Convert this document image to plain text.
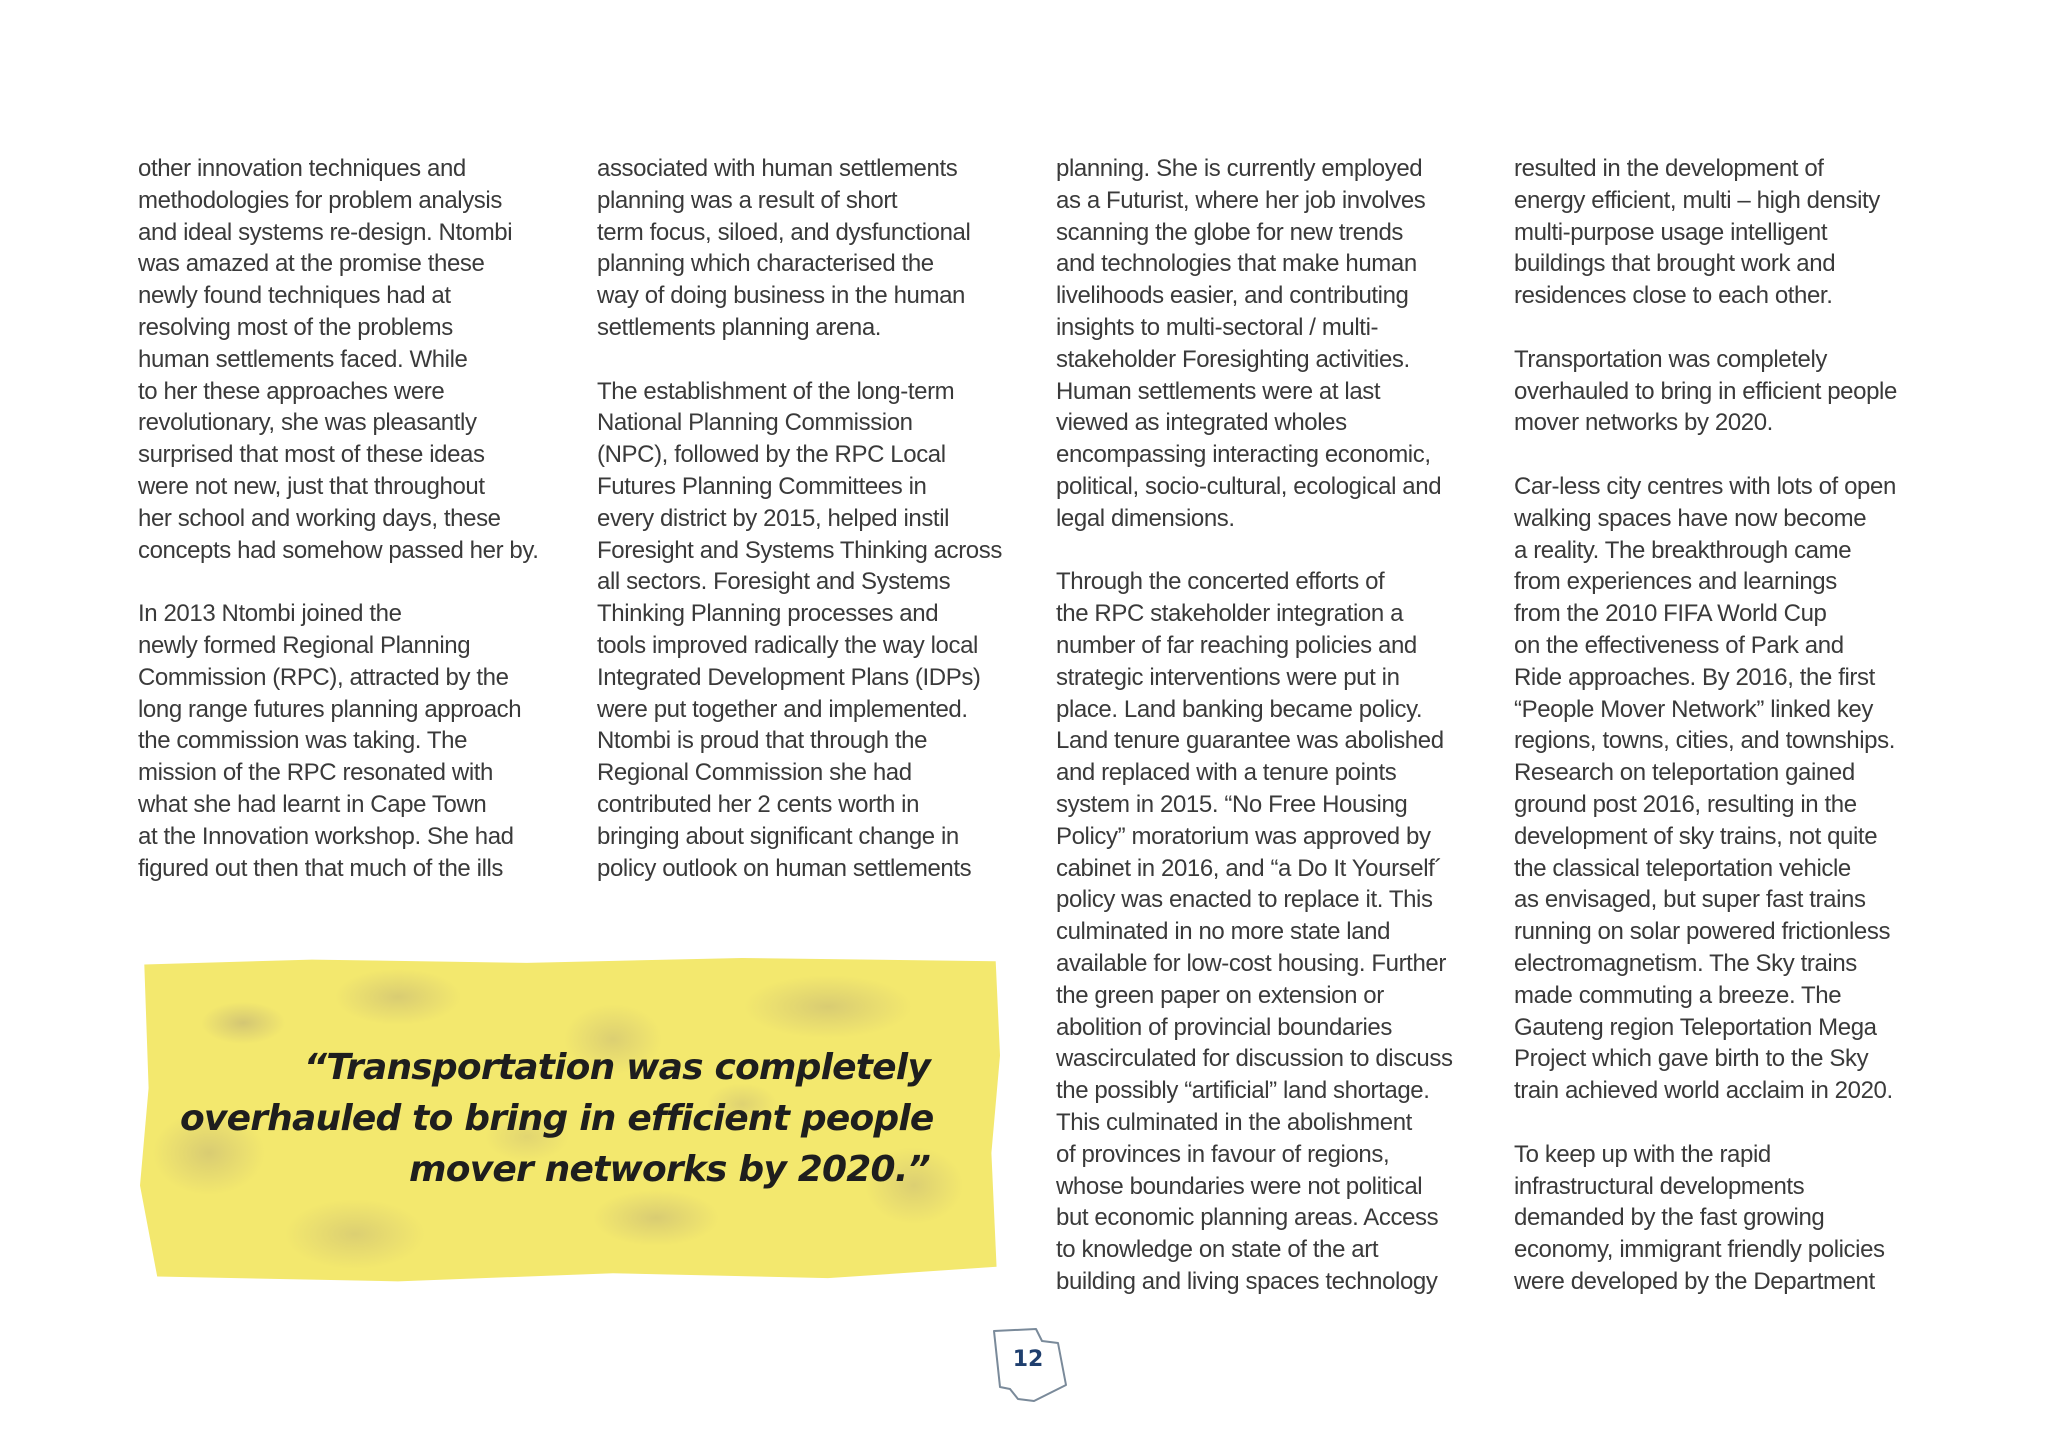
other innovation techniques and
methodologies for problem analysis
and ideal systems re-design. Ntombi
was amazed at the promise these
newly found techniques had at
resolving most of the problems
human settlements faced. While
to her these approaches were
revolutionary, she was pleasantly
surprised that most of these ideas
were not new, just that throughout
her school and working days, these
concepts had somehow passed her by.
In 2013 Ntombi joined the
newly formed Regional Planning
Commission (RPC), attracted by the
long range futures planning approach
the commission was taking. The
mission of the RPC resonated with
what she had learnt in Cape Town
at the Innovation workshop. She had
figured out then that much of the ills
associated with human settlements
planning was a result of short
term focus, siloed, and dysfunctional
planning which characterised the
way of doing business in the human
settlements planning arena.
The establishment of the long-term
National Planning Commission
(NPC), followed by the RPC Local
Futures Planning Committees in
every district by 2015, helped instil
Foresight and Systems Thinking across
all sectors. Foresight and Systems
Thinking Planning processes and
tools improved radically the way local
Integrated Development Plans (IDPs)
were put together and implemented.
Ntombi is proud that through the
Regional Commission she had
contributed her 2 cents worth in
bringing about significant change in
policy outlook on human settlements
planning. She is currently employed
as a Futurist, where her job involves
scanning the globe for new trends
and technologies that make human
livelihoods easier, and contributing
insights to multi-sectoral / multi-
stakeholder Foresighting activities.
Human settlements were at last
viewed as integrated wholes
encompassing interacting economic,
political, socio-cultural, ecological and
legal dimensions.
Through the concerted efforts of
the RPC stakeholder integration a
number of far reaching policies and
strategic interventions were put in
place. Land banking became policy.
Land tenure guarantee was abolished
and replaced with a tenure points
system in 2015. “No Free Housing
Policy” moratorium was approved by
cabinet in 2016, and “a Do It Yourself´
policy was enacted to replace it. This
culminated in no more state land
available for low-cost housing. Further
the green paper on extension or
abolition of provincial boundaries
wascirculated for discussion to discuss
the possibly “artificial” land shortage.
This culminated in the abolishment
of provinces in favour of regions,
whose boundaries were not political
but economic planning areas. Access
to knowledge on state of the art
building and living spaces technology
resulted in the development of
energy efficient, multi – high density
multi-purpose usage intelligent
buildings that brought work and
residences close to each other.
Transportation was completely
overhauled to bring in efficient people
mover networks by 2020.
Car-less city centres with lots of open
walking spaces have now become
a reality. The breakthrough came
from experiences and learnings
from the 2010 FIFA World Cup
on the effectiveness of Park and
Ride approaches. By 2016, the first
“People Mover Network” linked key
regions, towns, cities, and townships.
Research on teleportation gained
ground post 2016, resulting in the
development of sky trains, not quite
the classical teleportation vehicle
as envisaged, but super fast trains
running on solar powered frictionless
electromagnetism. The Sky trains
made commuting a breeze. The
Gauteng region Teleportation Mega
Project which gave birth to the Sky
train achieved world acclaim in 2020.
To keep up with the rapid
infrastructural developments
demanded by the fast growing
economy, immigrant friendly policies
were developed by the Department
“Transportation was completely
overhauled to bring in efficient people
mover networks by 2020.”
12
